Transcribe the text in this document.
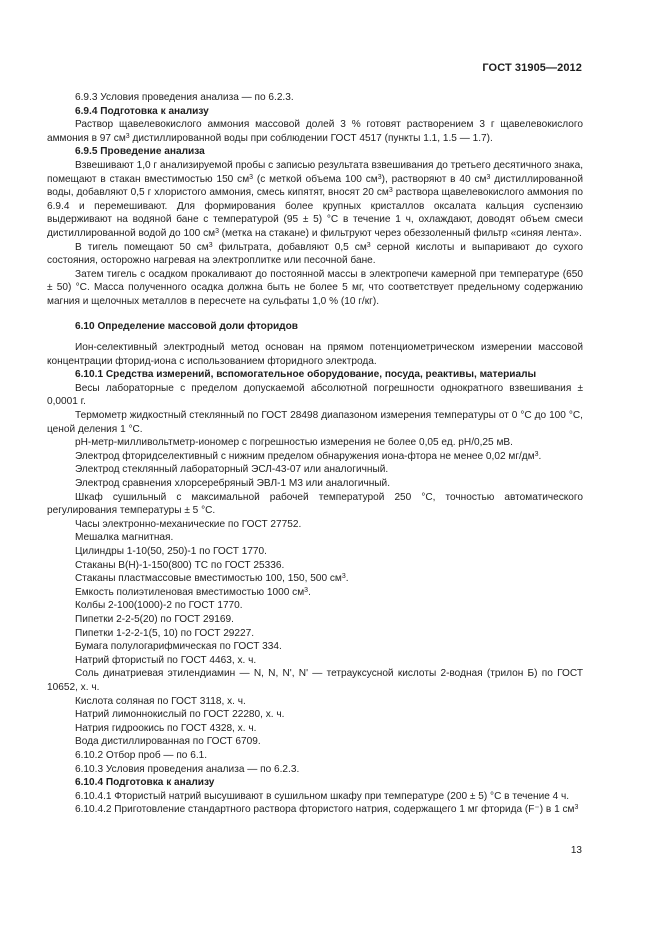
ГОСТ 31905—2012

6.9.3 Условия проведения анализа — по 6.2.3.

6.9.4 Подготовка к анализу

Раствор щавелевокислого аммония массовой долей 3 % готовят растворением 3 г щавелевокислого аммония в 97 $см^3$ дистиллированной воды при соблюдении ГОСТ 4517 (пункты 1.1, 1.5 — 1.7).

6.9.5 Проведение анализа

Взвешивают 1,0 г анализируемой пробы с записью результата взвешивания до третьего десятичного знака, помещают в стакан вместимостью 150 $см^3$ (с меткой объема 100 $см^3$), растворяют в 40 $см^3$ дистиллированной воды, добавляют 0,5 г хлористого аммония, смесь кипятят, вносят 20 $см^3$ раствора щавелевокислого аммония по 6.9.4 и перемешивают. Для формирования более крупных кристаллов оксалата кальция суспензию выдерживают на водяной бане с температурой (95 ± 5) °С в течение 1 ч, охлаждают, доводят объем смеси дистиллированной водой до 100 $см^3$ (метка на стакане) и фильтруют через обеззоленный фильтр «синяя лента».

В тигель помещают 50 $см^3$ фильтрата, добавляют 0,5 $см^3$ серной кислоты и выпаривают до сухого состояния, осторожно нагревая на электроплитке или песочной бане.

Затем тигель с осадком прокаливают до постоянной массы в электропечи камерной при температуре (650 ± 50) °С. Масса полученного осадка должна быть не более 5 мг, что соответствует предельному содержанию магния и щелочных металлов в пересчете на сульфаты 1,0 % (10 г/кг).

6.10 Определение массовой доли фторидов

Ион-селективный электродный метод основан на прямом потенциометрическом измерении массовой концентрации фторид-иона с использованием фторидного электрода.

6.10.1 Средства измерений, вспомогательное оборудование, посуда, реактивы, материалы

Весы лабораторные с пределом допускаемой абсолютной погрешности однократного взвешивания ± 0,0001 г.

Термометр жидкостный стеклянный по ГОСТ 28498 диапазоном измерения температуры от 0 °С до 100 °С, ценой деления 1 °С.

pH-метр-милливольтметр-иономер с погрешностью измерения не более 0,05 ед. pH/0,25 мВ.

Электрод фторидселективный с нижним пределом обнаружения иона-фтора не менее 0,02 $мг/дм^3$.

Электрод стеклянный лабораторный ЭСЛ-43-07 или аналогичный.

Электрод сравнения хлорсеребряный ЭВЛ-1 М3 или аналогичный.

Шкаф сушильный с максимальной рабочей температурой 250 °С, точностью автоматического регулирования температуры ± 5 °С.

Часы электронно-механические по ГОСТ 27752.

Мешалка магнитная.

Цилиндры 1-10(50, 250)-1 по ГОСТ 1770.

Стаканы В(Н)-1-150(800) ТС по ГОСТ 25336.

Стаканы пластмассовые вместимостью 100, 150, 500 $см^3$.

Емкость полиэтиленовая вместимостью 1000 $см^3$.

Колбы 2-100(1000)-2 по ГОСТ 1770.

Пипетки 2-2-5(20) по ГОСТ 29169.

Пипетки 1-2-2-1(5, 10) по ГОСТ 29227.

Бумага полулогарифмическая по ГОСТ 334.

Натрий фтористый по ГОСТ 4463, х. ч.

Соль динатриевая этилендиамин — N, N, N', N' — тетрауксусной кислоты 2-водная (трилон Б) по ГОСТ 10652, х. ч.

Кислота соляная по ГОСТ 3118, х. ч.

Натрий лимоннокислый по ГОСТ 22280, х. ч.

Натрия гидроокись по ГОСТ 4328, х. ч.

Вода дистиллированная по ГОСТ 6709.

6.10.2 Отбор проб — по 6.1.

6.10.3 Условия проведения анализа — по 6.2.3.

6.10.4 Подготовка к анализу

6.10.4.1 Фтористый натрий высушивают в сушильном шкафу при температуре (200 ± 5) °С в течение 4 ч.

6.10.4.2 Приготовление стандартного раствора фтористого натрия, содержащего 1 мг фторида (F⁻) в 1 $см^3$

13
